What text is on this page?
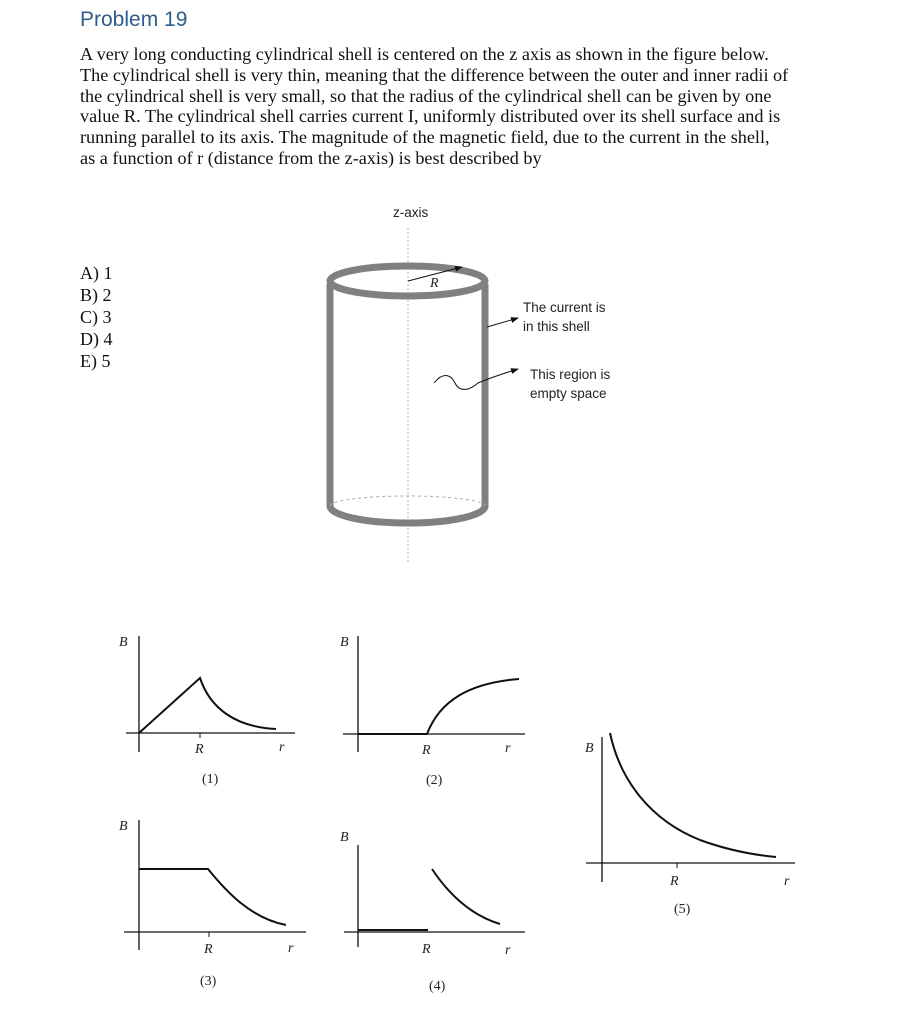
Problem 19
A very long conducting cylindrical shell is centered on the z axis as shown in the figure below.
The cylindrical shell is very thin, meaning that the difference between the outer and inner radii of
the cylindrical shell is very small, so that the radius of the cylindrical shell can be given by one
value R. The cylindrical shell carries current I, uniformly distributed over its shell surface and is
running parallel to its axis. The magnitude of the magnetic field, due to the current in the shell,
as a function of r (distance from the z-axis) is best described by
A) 1
B) 2
C) 3
D) 4
E) 5
z-axis
R
The current is
in this shell
This region is
empty space
B
R	r
(1)
B
R	r
(2)
B
R	r
(3)
B
R	r
(4)
B
R	r
(5)
